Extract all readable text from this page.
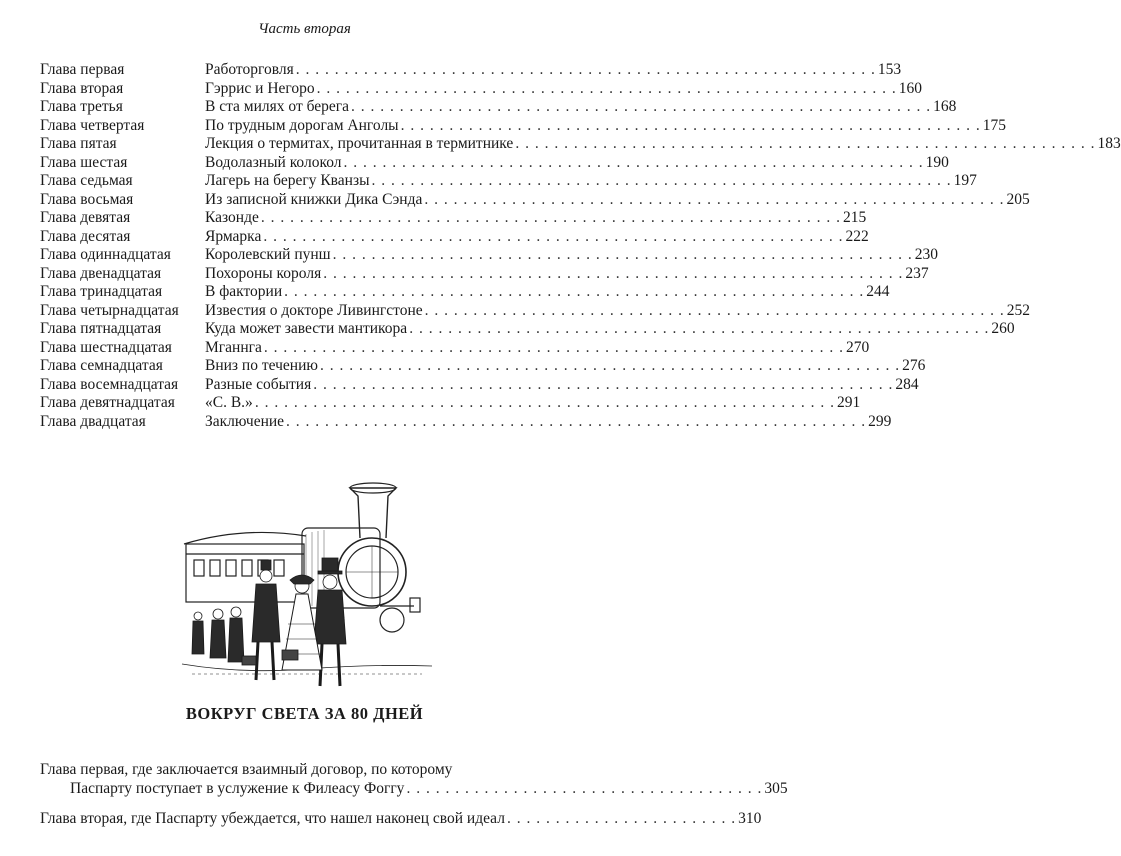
Часть вторая
Глава первая	Работорговля . . . . . . . . . . . . . . . . . . . . . . . . . . . . . . . . . . . . . . . . . . . . . . . . . . . . . . . . . . . . 153
Глава вторая	Гэррис и Негоро . . . . . . . . . . . . . . . . . . . . . . . . . . . . . . . . . . . . . . . . . . . . . . . . . . . . . . . . . . . . 160
Глава третья	В ста милях от берега . . . . . . . . . . . . . . . . . . . . . . . . . . . . . . . . . . . . . . . . . . . . . . . . . . . . . . . . . . . . 168
Глава четвертая	По трудным дорогам Анголы . . . . . . . . . . . . . . . . . . . . . . . . . . . . . . . . . . . . . . . . . . . . . . . . . . . . . . . . . . . . 175
Глава пятая	Лекция о термитах, прочитанная в термитнике . . . . . . . . . . . . . . . . . . . . . . . . . . . . . . . . . . . . . . . . . . . . . . . . . . . . . . . . . . . . 183
Глава шестая	Водолазный колокол . . . . . . . . . . . . . . . . . . . . . . . . . . . . . . . . . . . . . . . . . . . . . . . . . . . . . . . . . . . . 190
Глава седьмая	Лагерь на берегу Кванзы . . . . . . . . . . . . . . . . . . . . . . . . . . . . . . . . . . . . . . . . . . . . . . . . . . . . . . . . . . . . 197
Глава восьмая	Из записной книжки Дика Сэнда . . . . . . . . . . . . . . . . . . . . . . . . . . . . . . . . . . . . . . . . . . . . . . . . . . . . . . . . . . . . 205
Глава девятая	Казонде . . . . . . . . . . . . . . . . . . . . . . . . . . . . . . . . . . . . . . . . . . . . . . . . . . . . . . . . . . . . 215
Глава десятая	Ярмарка . . . . . . . . . . . . . . . . . . . . . . . . . . . . . . . . . . . . . . . . . . . . . . . . . . . . . . . . . . . . 222
Глава одиннадцатая	Королевский пунш . . . . . . . . . . . . . . . . . . . . . . . . . . . . . . . . . . . . . . . . . . . . . . . . . . . . . . . . . . . . 230
Глава двенадцатая	Похороны короля . . . . . . . . . . . . . . . . . . . . . . . . . . . . . . . . . . . . . . . . . . . . . . . . . . . . . . . . . . . . 237
Глава тринадцатая	В фактории . . . . . . . . . . . . . . . . . . . . . . . . . . . . . . . . . . . . . . . . . . . . . . . . . . . . . . . . . . . . 244
Глава четырнадцатая	Известия о докторе Ливингстоне . . . . . . . . . . . . . . . . . . . . . . . . . . . . . . . . . . . . . . . . . . . . . . . . . . . . . . . . . . . . 252
Глава пятнадцатая	Куда может завести мантикора . . . . . . . . . . . . . . . . . . . . . . . . . . . . . . . . . . . . . . . . . . . . . . . . . . . . . . . . . . . . 260
Глава шестнадцатая	Мганнга . . . . . . . . . . . . . . . . . . . . . . . . . . . . . . . . . . . . . . . . . . . . . . . . . . . . . . . . . . . . 270
Глава семнадцатая	Вниз по течению . . . . . . . . . . . . . . . . . . . . . . . . . . . . . . . . . . . . . . . . . . . . . . . . . . . . . . . . . . . . 276
Глава восемнадцатая	Разные события . . . . . . . . . . . . . . . . . . . . . . . . . . . . . . . . . . . . . . . . . . . . . . . . . . . . . . . . . . . . 284
Глава девятнадцатая	«С. В.» . . . . . . . . . . . . . . . . . . . . . . . . . . . . . . . . . . . . . . . . . . . . . . . . . . . . . . . . . . . . 291
Глава двадцатая	Заключение . . . . . . . . . . . . . . . . . . . . . . . . . . . . . . . . . . . . . . . . . . . . . . . . . . . . . . . . . . . . 299
ВОКРУГ СВЕТА ЗА 80 ДНЕЙ
Глава первая, где заключается взаимный договор, по которому
Паспарту поступает в услужение к Филеасу Фоггу . . . . . . . . . . . . . . . . . . . . . . . . . . . . . . . . . . . . . 305
Глава вторая, где Паспарту убеждается, что нашел наконец свой идеал . . . . . . . . . . . . . . . . . . . . . . . . 310
